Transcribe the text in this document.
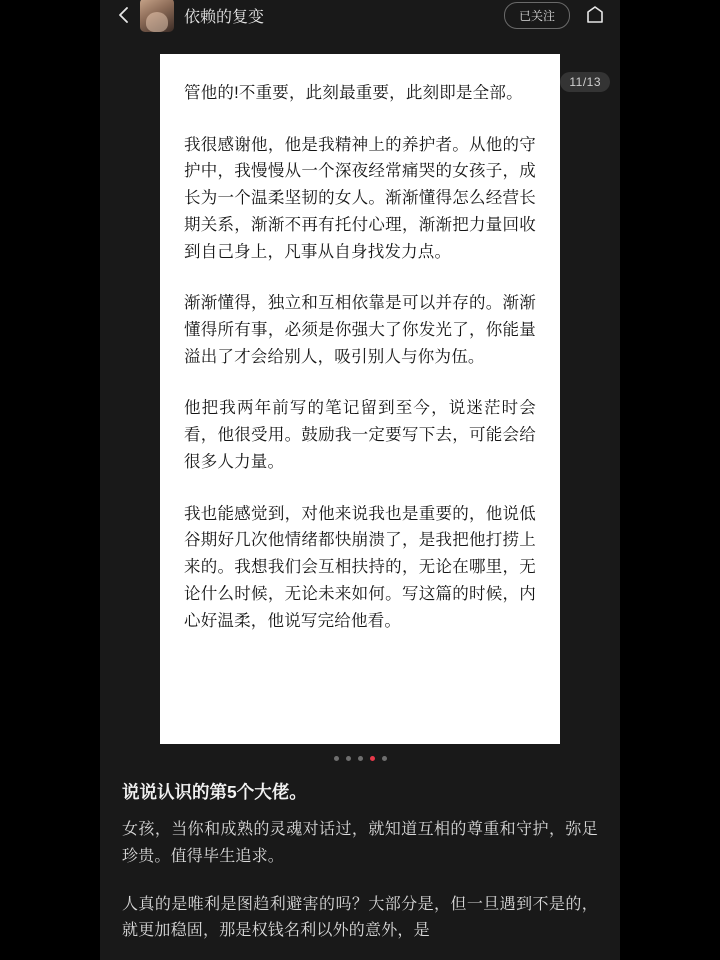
依赖的复变	已关注
11/13

管他的!不重要，此刻最重要，此刻即是全部。

我很感谢他，他是我精神上的养护者。从他的守护中，我慢慢从一个深夜经常痛哭的女孩子，成长为一个温柔坚韧的女人。渐渐懂得怎么经营长期关系，渐渐不再有托付心理，渐渐把力量回收到自己身上，凡事从自身找发力点。

渐渐懂得，独立和互相依靠是可以并存的。渐渐懂得所有事，必须是你强大了你发光了，你能量溢出了才会给别人，吸引别人与你为伍。

他把我两年前写的笔记留到至今，说迷茫时会看，他很受用。鼓励我一定要写下去，可能会给很多人力量。

我也能感觉到，对他来说我也是重要的，他说低谷期好几次他情绪都快崩溃了，是我把他打捞上来的。我想我们会互相扶持的，无论在哪里，无论什么时候，无论未来如何。写这篇的时候，内心好温柔，他说写完给他看。

说说认识的第5个大佬。

女孩，当你和成熟的灵魂对话过，就知道互相的尊重和守护，弥足珍贵。值得毕生追求。

人真的是唯利是图趋利避害的吗？大部分是，但一旦遇到不是的，就更加稳固，那是权钱名利以外的意外，是
